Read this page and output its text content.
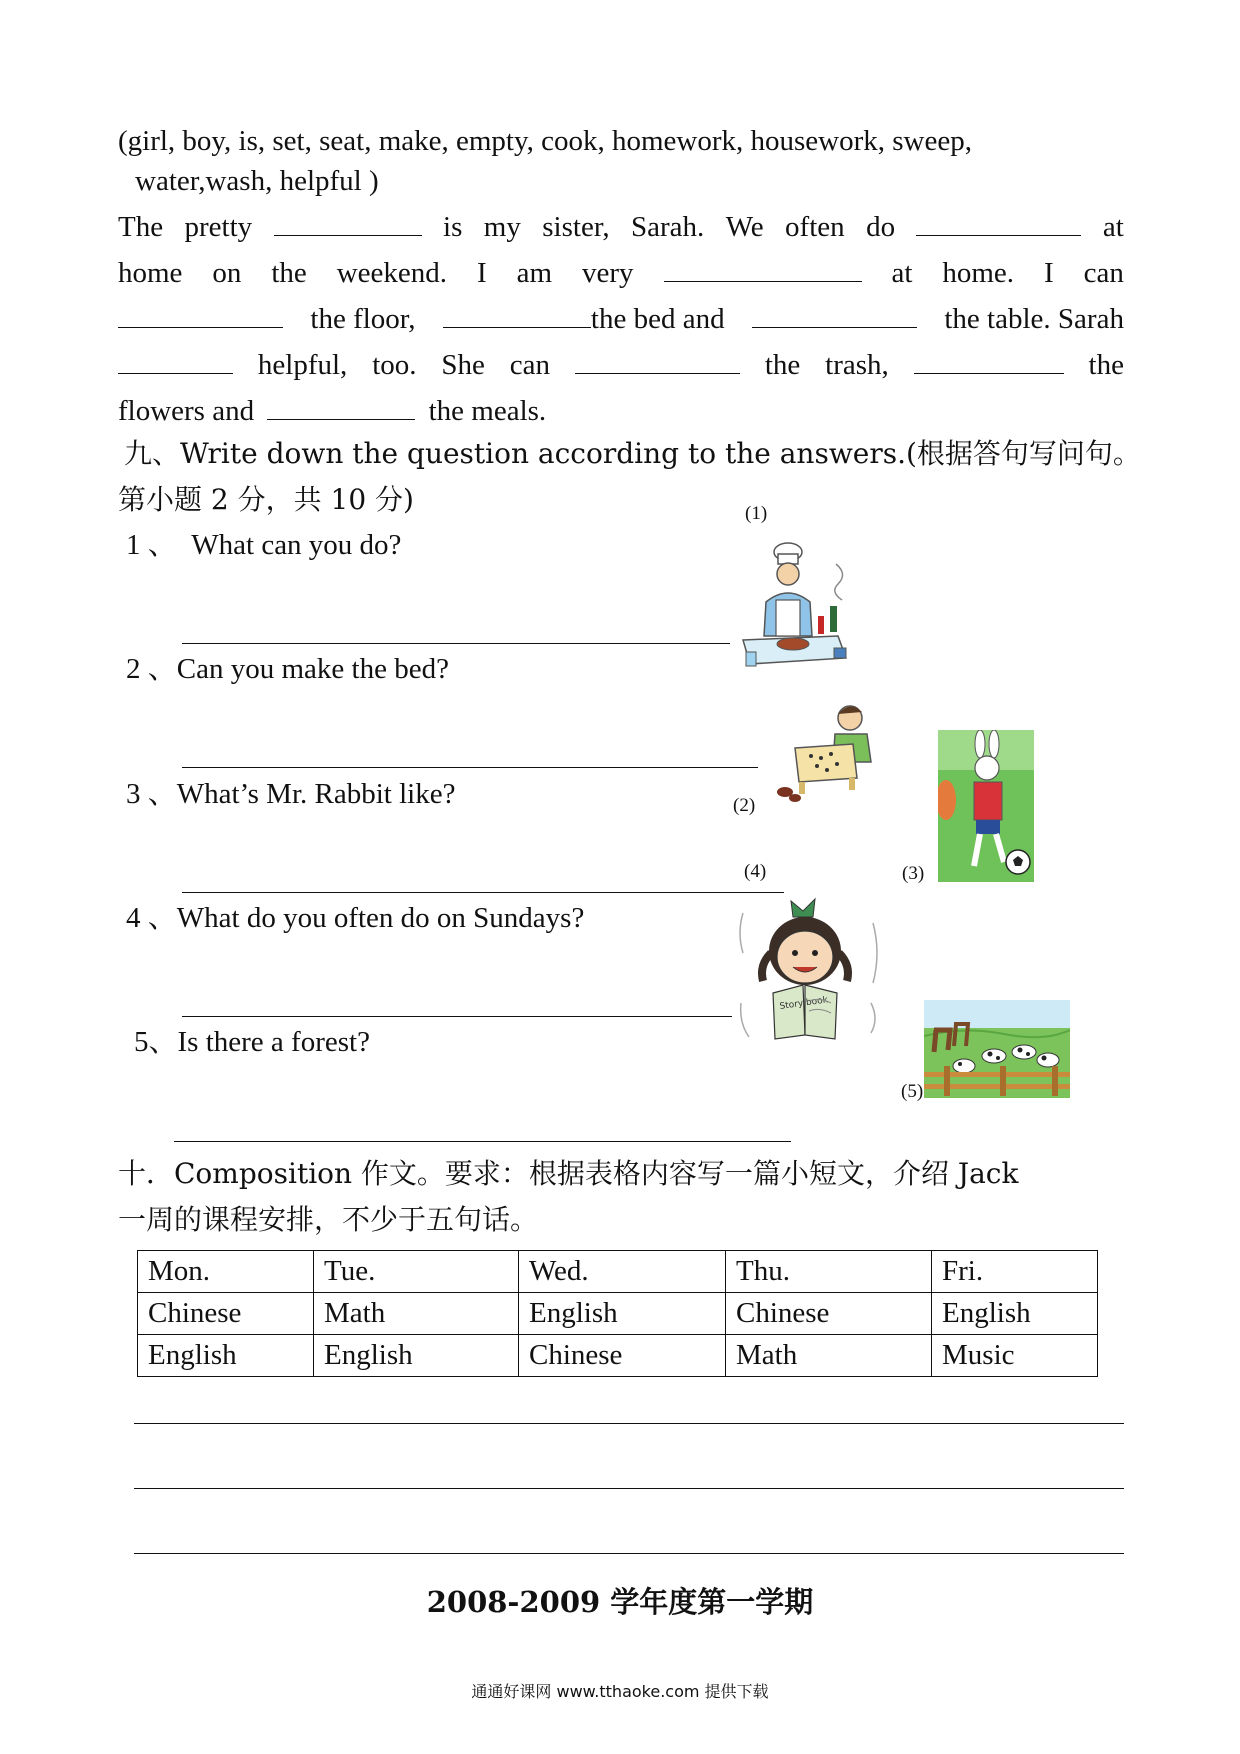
(girl, boy, is, set, seat, make, empty, cook, homework, housework, sweep,
water,wash, helpful )
The pretty	is my sister, Sarah. We often do	at
home on the weekend. I am very	at home. I can
the floor,	the bed and	the table. Sarah
helpful, too. She can	the trash,	the
flowers and	the meals.
九、Write down the question according to the answers.(根据答句写问句。
第小题 2 分，共 10 分)
1 、 What can you do?
2 、Can you make the bed?
3 、What’s Mr. Rabbit like?
4 、What do you often do on Sundays?
5、Is there a forest?
(1)
(2)
(3)
(4)
(5)
Story book
十．Composition 作文。要求：根据表格内容写一篇小短文，介绍 Jack
一周的课程安排，不少于五句话。
Mon.	Tue.	Wed.	Thu.	Fri.
Chinese	Math	English	Chinese	English
English	English	Chinese	Math	Music
2008-2009 学年度第一学期
通通好课网 www.tthaoke.com 提供下载
